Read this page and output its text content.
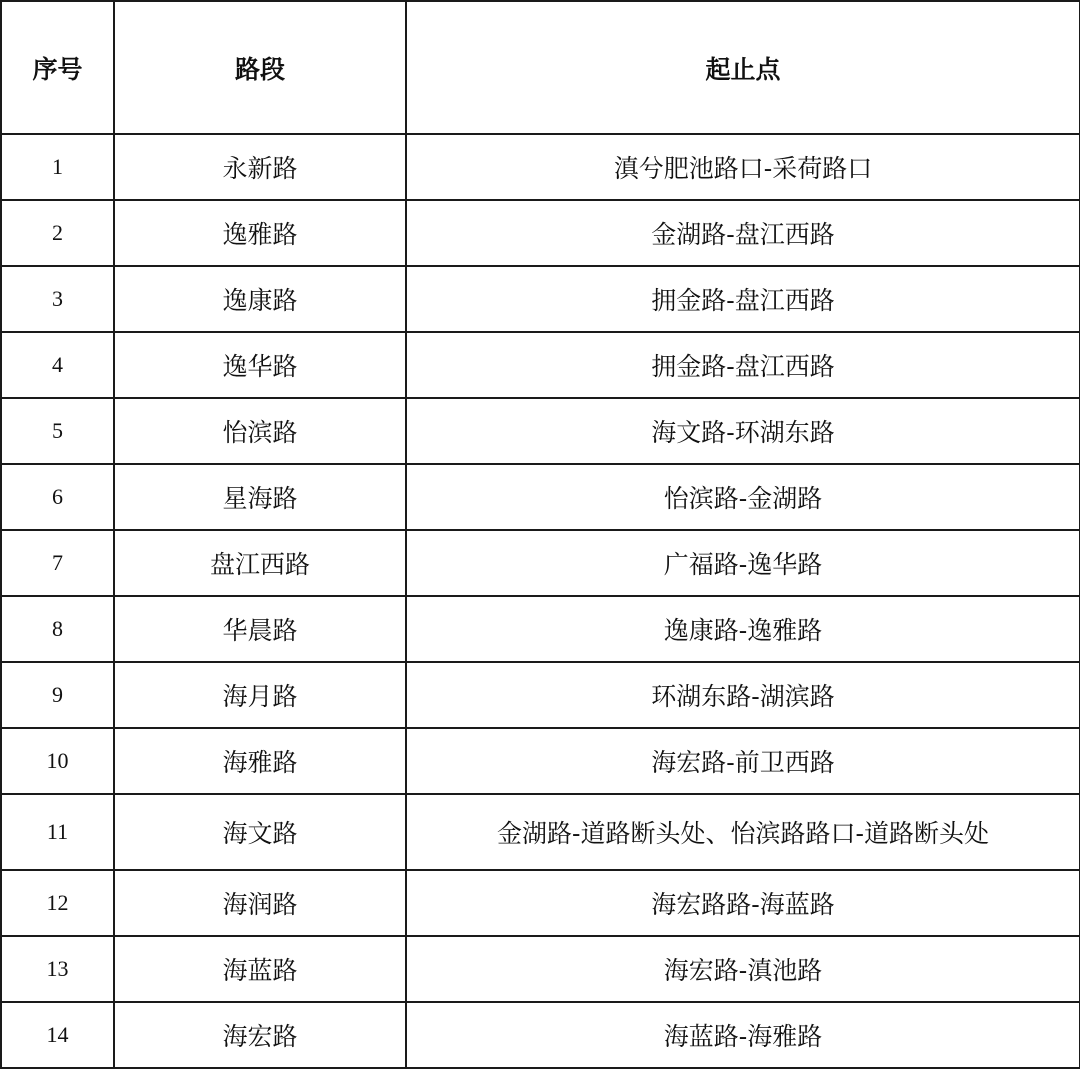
序号	路段	起止点
1	永新路	滇兮肥池路口-采荷路口
2	逸雅路	金湖路-盘江西路
3	逸康路	拥金路-盘江西路
4	逸华路	拥金路-盘江西路
5	怡滨路	海文路-环湖东路
6	星海路	怡滨路-金湖路
7	盘江西路	广福路-逸华路
8	华晨路	逸康路-逸雅路
9	海月路	环湖东路-湖滨路
10	海雅路	海宏路-前卫西路
11	海文路	金湖路-道路断头处、怡滨路路口-道路断头处
12	海润路	海宏路路-海蓝路
13	海蓝路	海宏路-滇池路
14	海宏路	海蓝路-海雅路
